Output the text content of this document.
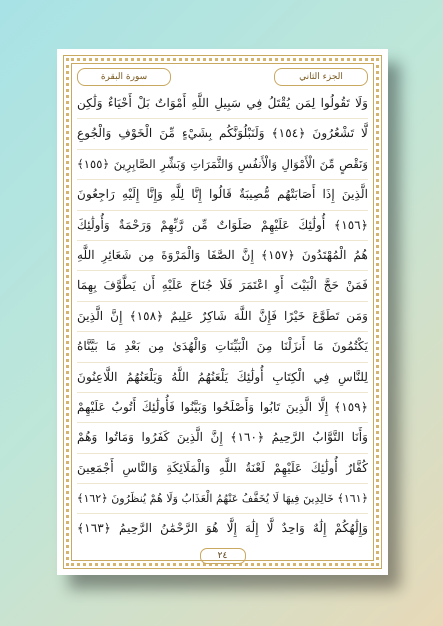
الجزء الثاني
سورة البقرة
وَلَا تَقُولُوا لِمَن يُقْتَلُ فِي سَبِيلِ اللَّهِ أَمْوَاتٌ بَلْ أَحْيَاءٌ وَلَٰكِن
لَّا تَشْعُرُونَ ﴿١٥٤﴾ وَلَنَبْلُوَنَّكُم بِشَيْءٍ مِّنَ الْخَوْفِ وَالْجُوعِ
وَنَقْصٍ مِّنَ الْأَمْوَالِ وَالْأَنفُسِ وَالثَّمَرَاتِ وَبَشِّرِ الصَّابِرِينَ ﴿١٥٥﴾
الَّذِينَ إِذَا أَصَابَتْهُم مُّصِيبَةٌ قَالُوا إِنَّا لِلَّهِ وَإِنَّا إِلَيْهِ رَاجِعُونَ
﴿١٥٦﴾ أُولَٰئِكَ عَلَيْهِمْ صَلَوَاتٌ مِّن رَّبِّهِمْ وَرَحْمَةٌ وَأُولَٰئِكَ
هُمُ الْمُهْتَدُونَ ﴿١٥٧﴾ إِنَّ الصَّفَا وَالْمَرْوَةَ مِن شَعَائِرِ اللَّهِ
فَمَنْ حَجَّ الْبَيْتَ أَوِ اعْتَمَرَ فَلَا جُنَاحَ عَلَيْهِ أَن يَطَّوَّفَ بِهِمَا
وَمَن تَطَوَّعَ خَيْرًا فَإِنَّ اللَّهَ شَاكِرٌ عَلِيمٌ ﴿١٥٨﴾ إِنَّ الَّذِينَ
يَكْتُمُونَ مَا أَنزَلْنَا مِنَ الْبَيِّنَاتِ وَالْهُدَىٰ مِن بَعْدِ مَا بَيَّنَّاهُ
لِلنَّاسِ فِي الْكِتَابِ أُولَٰئِكَ يَلْعَنُهُمُ اللَّهُ وَيَلْعَنُهُمُ اللَّاعِنُونَ
﴿١٥٩﴾ إِلَّا الَّذِينَ تَابُوا وَأَصْلَحُوا وَبَيَّنُوا فَأُولَٰئِكَ أَتُوبُ عَلَيْهِمْ
وَأَنَا التَّوَّابُ الرَّحِيمُ ﴿١٦٠﴾ إِنَّ الَّذِينَ كَفَرُوا وَمَاتُوا وَهُمْ
كُفَّارٌ أُولَٰئِكَ عَلَيْهِمْ لَعْنَةُ اللَّهِ وَالْمَلَائِكَةِ وَالنَّاسِ أَجْمَعِينَ
﴿١٦١﴾ خَالِدِينَ فِيهَا لَا يُخَفَّفُ عَنْهُمُ الْعَذَابُ وَلَا هُمْ يُنظَرُونَ ﴿١٦٢﴾
وَإِلَٰهُكُمْ إِلَٰهٌ وَاحِدٌ لَّا إِلَٰهَ إِلَّا هُوَ الرَّحْمَٰنُ الرَّحِيمُ ﴿١٦٣﴾
٢٤
